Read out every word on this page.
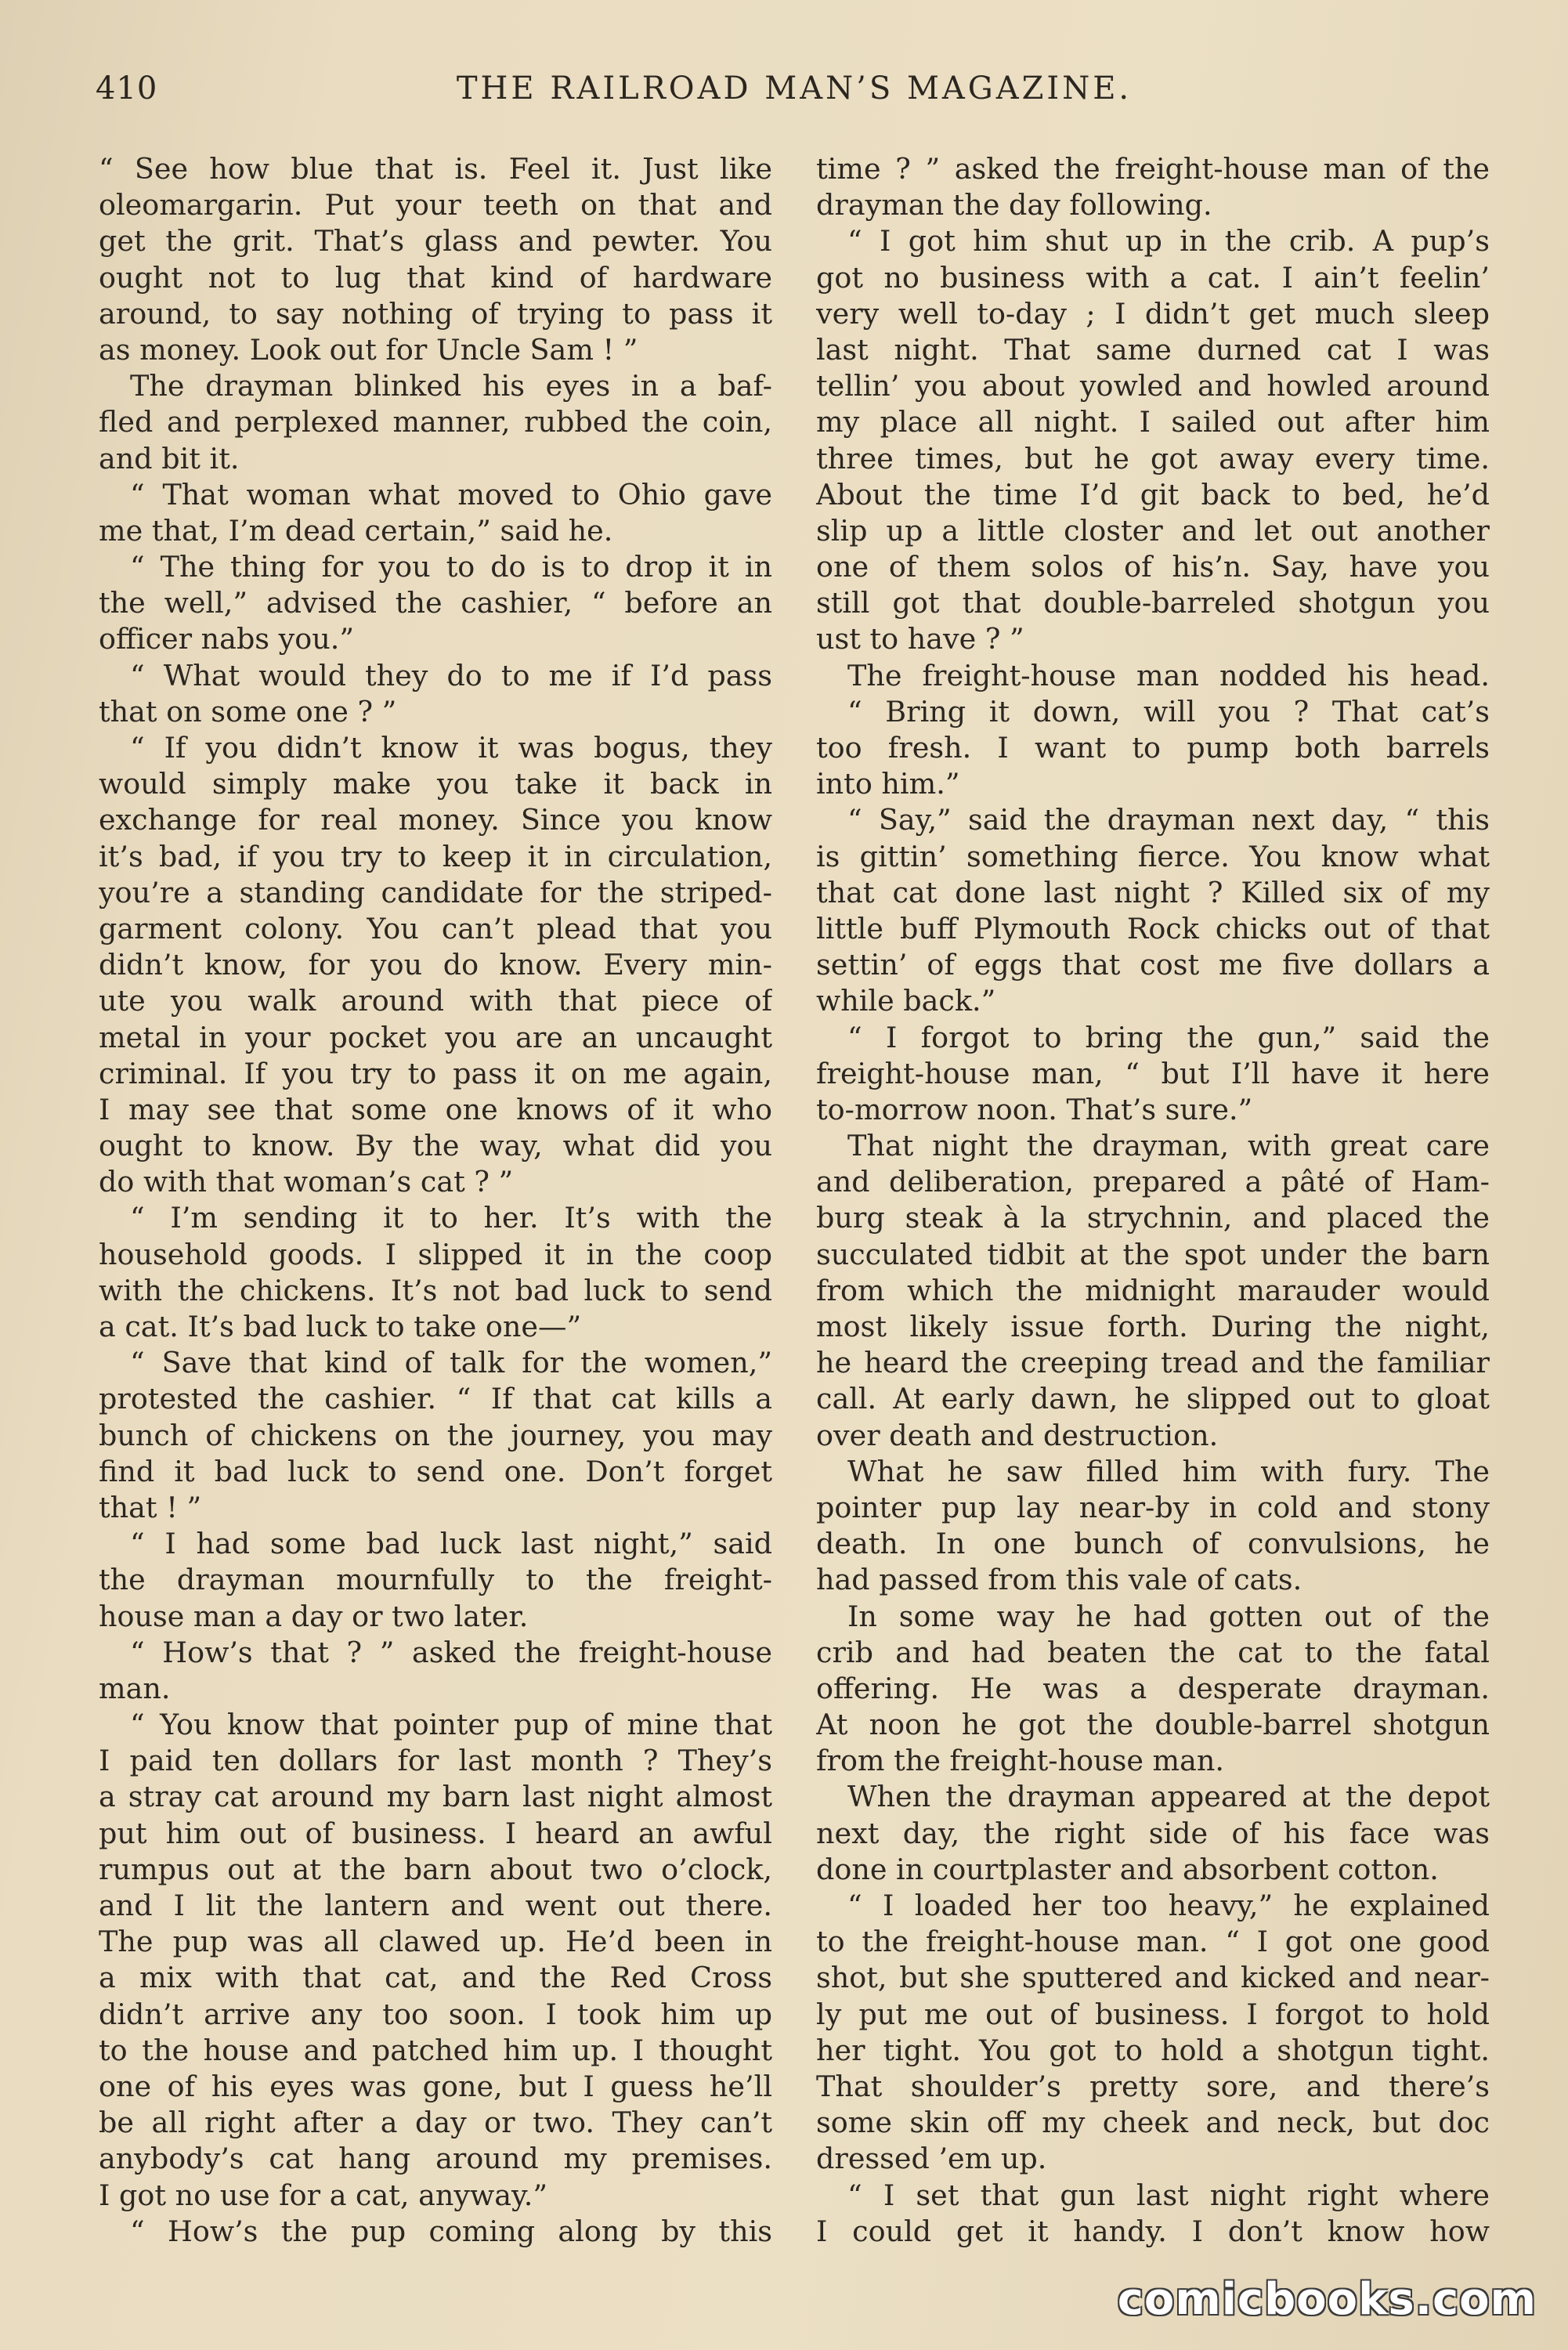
410	THE RAILROAD MAN’S MAGAZINE.
“ See how blue that is. Feel it. Just like
oleomargarin. Put your teeth on that and
get the grit. That’s glass and pewter. You
ought not to lug that kind of hardware
around, to say nothing of trying to pass it
as money. Look out for Uncle Sam ! ”
The drayman blinked his eyes in a baf-
fled and perplexed manner, rubbed the coin,
and bit it.
“ That woman what moved to Ohio gave
me that, I’m dead certain,” said he.
“ The thing for you to do is to drop it in
the well,” advised the cashier, “ before an
officer nabs you.”
“ What would they do to me if I’d pass
that on some one ? ”
“ If you didn’t know it was bogus, they
would simply make you take it back in
exchange for real money. Since you know
it’s bad, if you try to keep it in circulation,
you’re a standing candidate for the striped-
garment colony. You can’t plead that you
didn’t know, for you do know. Every min-
ute you walk around with that piece of
metal in your pocket you are an uncaught
criminal. If you try to pass it on me again,
I may see that some one knows of it who
ought to know. By the way, what did you
do with that woman’s cat ? ”
“ I’m sending it to her. It’s with the
household goods. I slipped it in the coop
with the chickens. It’s not bad luck to send
a cat. It’s bad luck to take one—”
“ Save that kind of talk for the women,”
protested the cashier. “ If that cat kills a
bunch of chickens on the journey, you may
find it bad luck to send one. Don’t forget
that ! ”
“ I had some bad luck last night,” said
the drayman mournfully to the freight-
house man a day or two later.
“ How’s that ? ” asked the freight-house
man.
“ You know that pointer pup of mine that
I paid ten dollars for last month ? They’s
a stray cat around my barn last night almost
put him out of business. I heard an awful
rumpus out at the barn about two o’clock,
and I lit the lantern and went out there.
The pup was all clawed up. He’d been in
a mix with that cat, and the Red Cross
didn’t arrive any too soon. I took him up
to the house and patched him up. I thought
one of his eyes was gone, but I guess he’ll
be all right after a day or two. They can’t
anybody’s cat hang around my premises.
I got no use for a cat, anyway.”
“ How’s the pup coming along by this
time ? ” asked the freight-house man of the
drayman the day following.
“ I got him shut up in the crib. A pup’s
got no business with a cat. I ain’t feelin’
very well to-day ; I didn’t get much sleep
last night. That same durned cat I was
tellin’ you about yowled and howled around
my place all night. I sailed out after him
three times, but he got away every time.
About the time I’d git back to bed, he’d
slip up a little closter and let out another
one of them solos of his’n. Say, have you
still got that double-barreled shotgun you
ust to have ? ”
The freight-house man nodded his head.
“ Bring it down, will you ? That cat’s
too fresh. I want to pump both barrels
into him.”
“ Say,” said the drayman next day, “ this
is gittin’ something fierce. You know what
that cat done last night ? Killed six of my
little buff Plymouth Rock chicks out of that
settin’ of eggs that cost me five dollars a
while back.”
“ I forgot to bring the gun,” said the
freight-house man, “ but I’ll have it here
to-morrow noon. That’s sure.”
That night the drayman, with great care
and deliberation, prepared a pâté of Ham-
burg steak à la strychnin, and placed the
succulated tidbit at the spot under the barn
from which the midnight marauder would
most likely issue forth. During the night,
he heard the creeping tread and the familiar
call. At early dawn, he slipped out to gloat
over death and destruction.
What he saw filled him with fury. The
pointer pup lay near-by in cold and stony
death. In one bunch of convulsions, he
had passed from this vale of cats.
In some way he had gotten out of the
crib and had beaten the cat to the fatal
offering. He was a desperate drayman.
At noon he got the double-barrel shotgun
from the freight-house man.
When the drayman appeared at the depot
next day, the right side of his face was
done in courtplaster and absorbent cotton.
“ I loaded her too heavy,” he explained
to the freight-house man. “ I got one good
shot, but she sputtered and kicked and near-
ly put me out of business. I forgot to hold
her tight. You got to hold a shotgun tight.
That shoulder’s pretty sore, and there’s
some skin off my cheek and neck, but doc
dressed ’em up.
“ I set that gun last night right where
I could get it handy. I don’t know how
comicbooks.com
